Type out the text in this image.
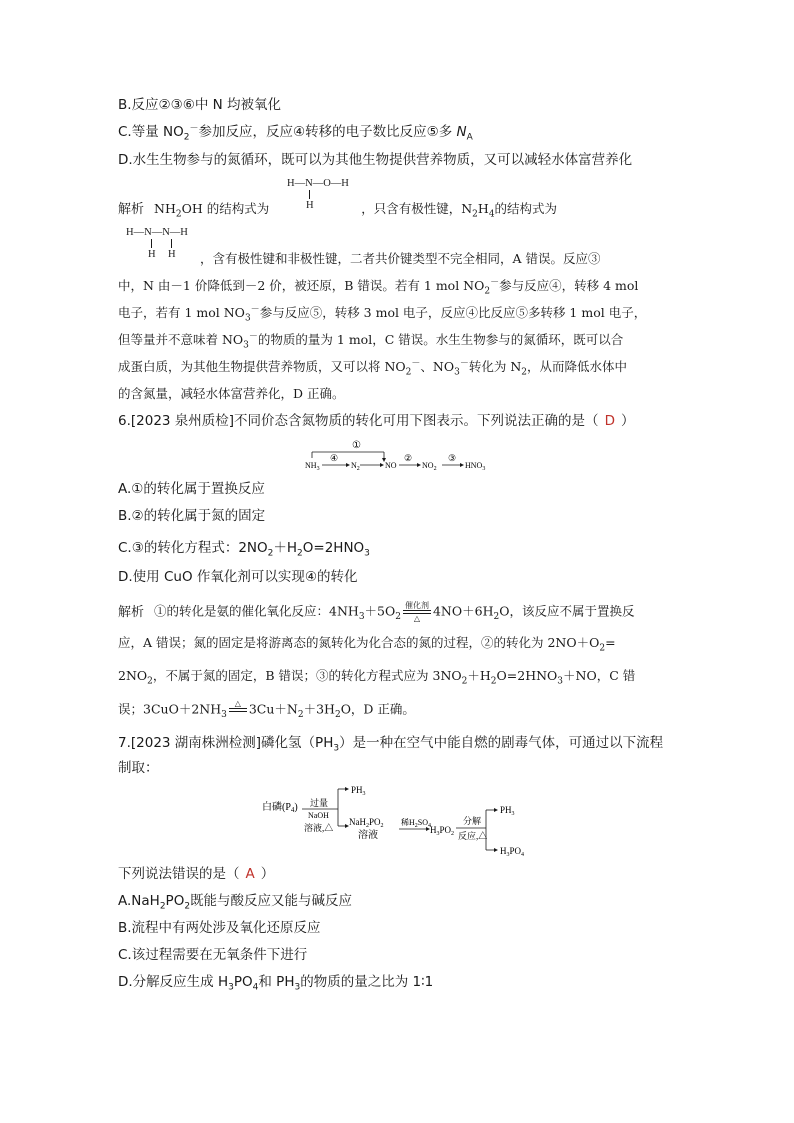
B.反应②③⑥中 N 均被氧化
C.等量 $NO_2^-$参加反应，反应④转移的电子数比反应⑤多 $N_A$
D.水生生物参与的氮循环，既可以为其他生物提供营养物质，又可以减轻水体富营养化
H—N—O—H
H
解析 $NH_2OH$ 的结构式为	，只含有极性键，$N_2H_4$的结构式为
H—N—N—H
H H ，含有极性键和非极性键，二者共价键类型不完全相同，A 错误。反应③
中，N 由－1 价降低到－2 价，被还原，B 错误。若有 1 mol $NO_2^-$参与反应④，转移 4 mol
电子，若有 1 mol $NO_3^-$参与反应⑤，转移 3 mol 电子，反应④比反应⑤多转移 1 mol 电子，
但等量并不意味着 $NO_3^-$的物质的量为 1 mol，C 错误。水生生物参与的氮循环，既可以合
成蛋白质，为其他生物提供营养物质，又可以将 $NO_2^-$、$NO_3^-$转化为 $N_2$，从而降低水体中
的含氮量，减轻水体富营养化，D 正确。
6.[2023 泉州质检]不同价态含氮物质的转化可用下图表示。下列说法正确的是（ D ）
①
$NH_3$
④
$N_2$	NO
②
$NO_2$
③
$HNO_3$
A.①的转化属于置换反应
B.②的转化属于氮的固定
C.③的转化方程式：$2NO_2+H_2O=2HNO_3$
D.使用 CuO 作氧化剂可以实现④的转化
解析 ①的转化是氨的催化氧化反应：$4NH_3+5O_2$
催化剂
△	$4NO+6H_2O$，该反应不属于置换反
应，A 错误；氮的固定是将游离态的氮转化为化合态的氮的过程，②的转化为 $2NO+O_2=$
$2NO_2$，不属于氮的固定，B 错误；③的转化方程式应为 $3NO_2+H_2O=2HNO_3+NO$，C 错
误；$3CuO+2NH_3$
△
$3Cu+N_2+3H_2O$，D 正确。
7.[2023 湖南株洲检测]磷化氢$(PH_3)$是一种在空气中能自燃的剧毒气体，可通过以下流程
制取：
白磷$(P_4)$ 过量
NaOH
溶液,△
$PH_3$
$NaH_2PO_2$
溶液
稀$H_2SO_4$
$H_3PO_2$
分解
反应,△
$PH_3$
$H_3PO_4$
下列说法错误的是（ A ）
$A.NaH_2PO_2$既能与酸反应又能与碱反应
B.流程中有两处涉及氧化还原反应
C.该过程需要在无氧条件下进行
D.分解反应生成 $H_3PO_4$和 $PH_3$的物质的量之比为 1∶1
